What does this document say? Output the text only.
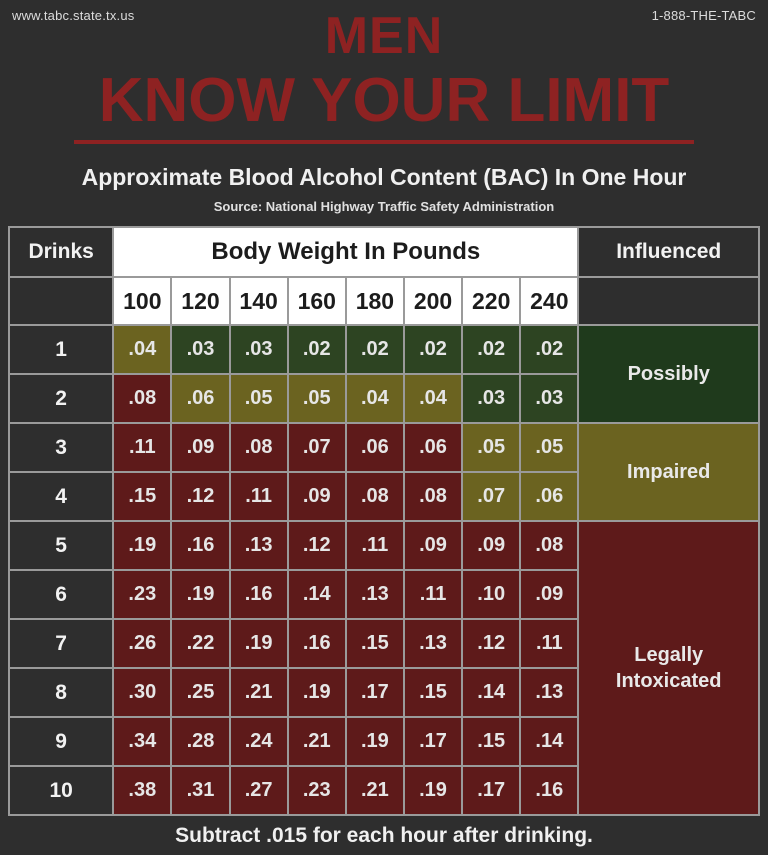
www.tabc.state.tx.us	1-888-THE-TABC
MEN
KNOW YOUR LIMIT
Approximate Blood Alcohol Content (BAC) In One Hour
Source: National Highway Traffic Safety Administration
Drinks	Body Weight In Pounds								Influenced
	100	120	140	160	180	200	220	240	
1	.04	.03	.03	.02	.02	.02	.02	.02	Possibly
2	.08	.06	.05	.05	.04	.04	.03	.03	
3	.11	.09	.08	.07	.06	.06	.05	.05	Impaired
4	.15	.12	.11	.09	.08	.08	.07	.06	
5	.19	.16	.13	.12	.11	.09	.09	.08	Legally Intoxicated
6	.23	.19	.16	.14	.13	.11	.10	.09	
7	.26	.22	.19	.16	.15	.13	.12	.11	
8	.30	.25	.21	.19	.17	.15	.14	.13	
9	.34	.28	.24	.21	.19	.17	.15	.14	
10	.38	.31	.27	.23	.21	.19	.17	.16	
Subtract .015 for each hour after drinking.
